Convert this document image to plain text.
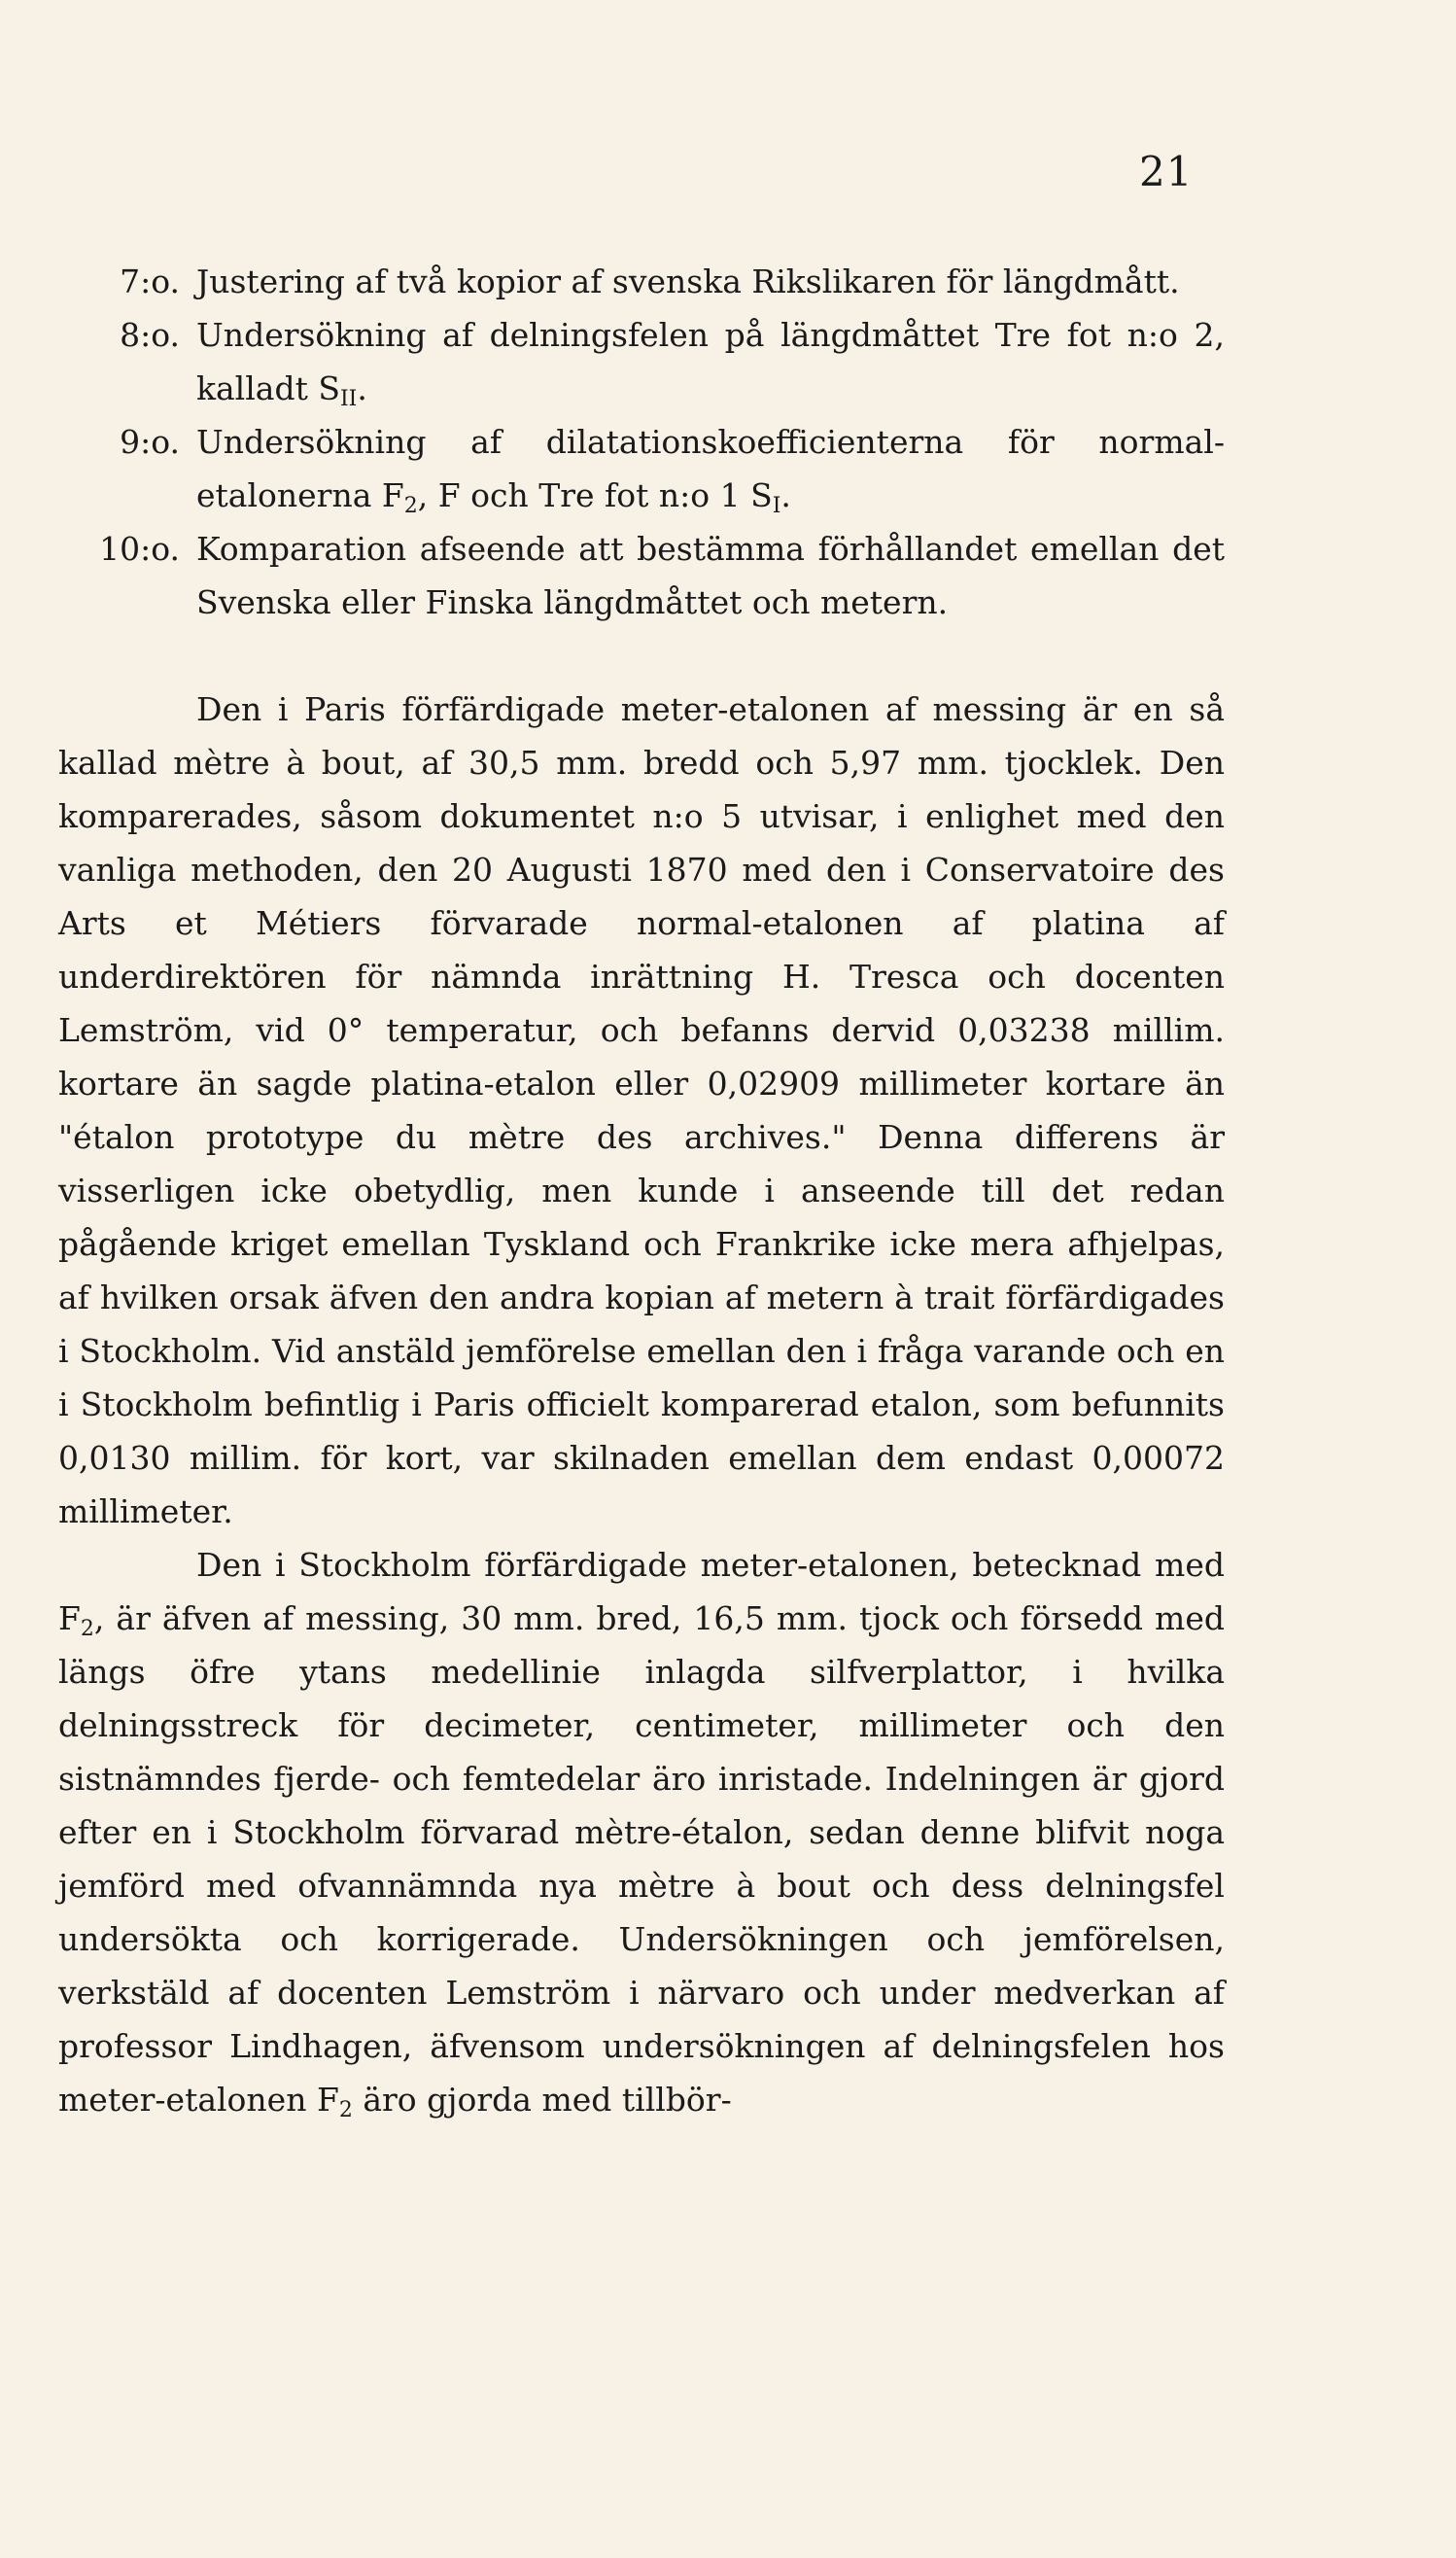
21
7:o. Justering af två kopior af svenska Rikslikaren för längdmått.
8:o. Undersökning af delningsfelen på längdmåttet Tre fot n:o 2, kalladt $S_{II}$.
9:o. Undersökning af dilatationskoefficienterna för normal-etalonerna $F_2$, F och Tre fot n:o 1 $S_I$.
10:o. Komparation afseende att bestämma förhållandet emellan det Svenska eller Finska längdmåttet och metern.

Den i Paris förfärdigade meter-etalonen af messing är en så kallad mètre à bout, af 30,5 mm. bredd och 5,97 mm. tjocklek. Den komparerades, såsom dokumentet n:o 5 utvisar, i enlighet med den vanliga methoden, den 20 Augusti 1870 med den i Conservatoire des Arts et Métiers förvarade normal-etalonen af platina af underdirektören för nämnda inrättning H. Tresca och docenten Lemström, vid 0° temperatur, och befanns dervid 0,03238 millim. kortare än sagde platina-etalon eller 0,02909 millimeter kortare än "étalon prototype du mètre des archives." Denna differens är visserligen icke obetydlig, men kunde i anseende till det redan pågående kriget emellan Tyskland och Frankrike icke mera afhjelpas, af hvilken orsak äfven den andra kopian af metern à trait förfärdigades i Stockholm. Vid anstäld jemförelse emellan den i fråga varande och en i Stockholm befintlig i Paris officielt komparerad etalon, som befunnits 0,0130 millim. för kort, var skilnaden emellan dem endast 0,00072 millimeter.

Den i Stockholm förfärdigade meter-etalonen, betecknad med $F_2$, är äfven af messing, 30 mm. bred, 16,5 mm. tjock och försedd med längs öfre ytans medellinie inlagda silfverplattor, i hvilka delningsstreck för decimeter, centimeter, millimeter och den sistnämndes fjerde- och femtedelar äro inristade. Indelningen är gjord efter en i Stockholm förvarad mètre-étalon, sedan denne blifvit noga jemförd med ofvannämnda nya mètre à bout och dess delningsfel undersökta och korrigerade. Undersökningen och jemförelsen, verkstäld af docenten Lemström i närvaro och under medverkan af professor Lindhagen, äfvensom undersökningen af delningsfelen hos meter-etalonen $F_2$ äro gjorda med tillbör-
